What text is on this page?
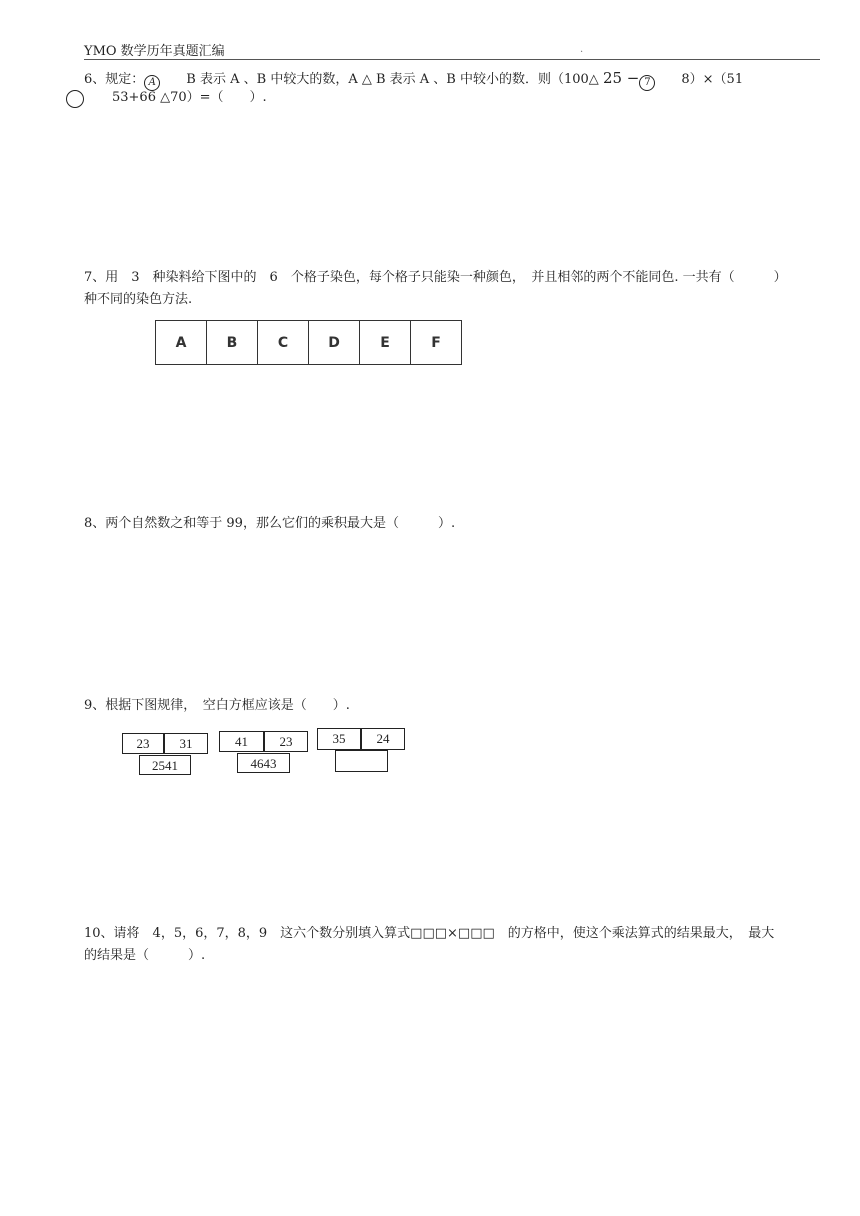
YMO 数学历年真题汇编	.
6、规定： A B 表示 A 、B 中较大的数，A △ B 表示 A 、B 中较小的数．则（100△ 25 − 7 8）×（51
53+66 △70）=（　　）.
7、用　3　种染料给下图中的　6　个格子染色，每个格子只能染一种颜色，　并且相邻的两个不能同色. 一共有（　　　）
种不同的染色方法.
A	B	C	D	E	F
8、两个自然数之和等于 99，那么它们的乘积最大是（　　　）.
9、根据下图规律，　空白方框应该是（　　）.
23	31
2541
41	23
4643
35	24
10、请将　4，5，6，7，8，9　这六个数分别填入算式□□□×□□□　的方格中，使这个乘法算式的结果最大，　最大
的结果是（　　　）.
